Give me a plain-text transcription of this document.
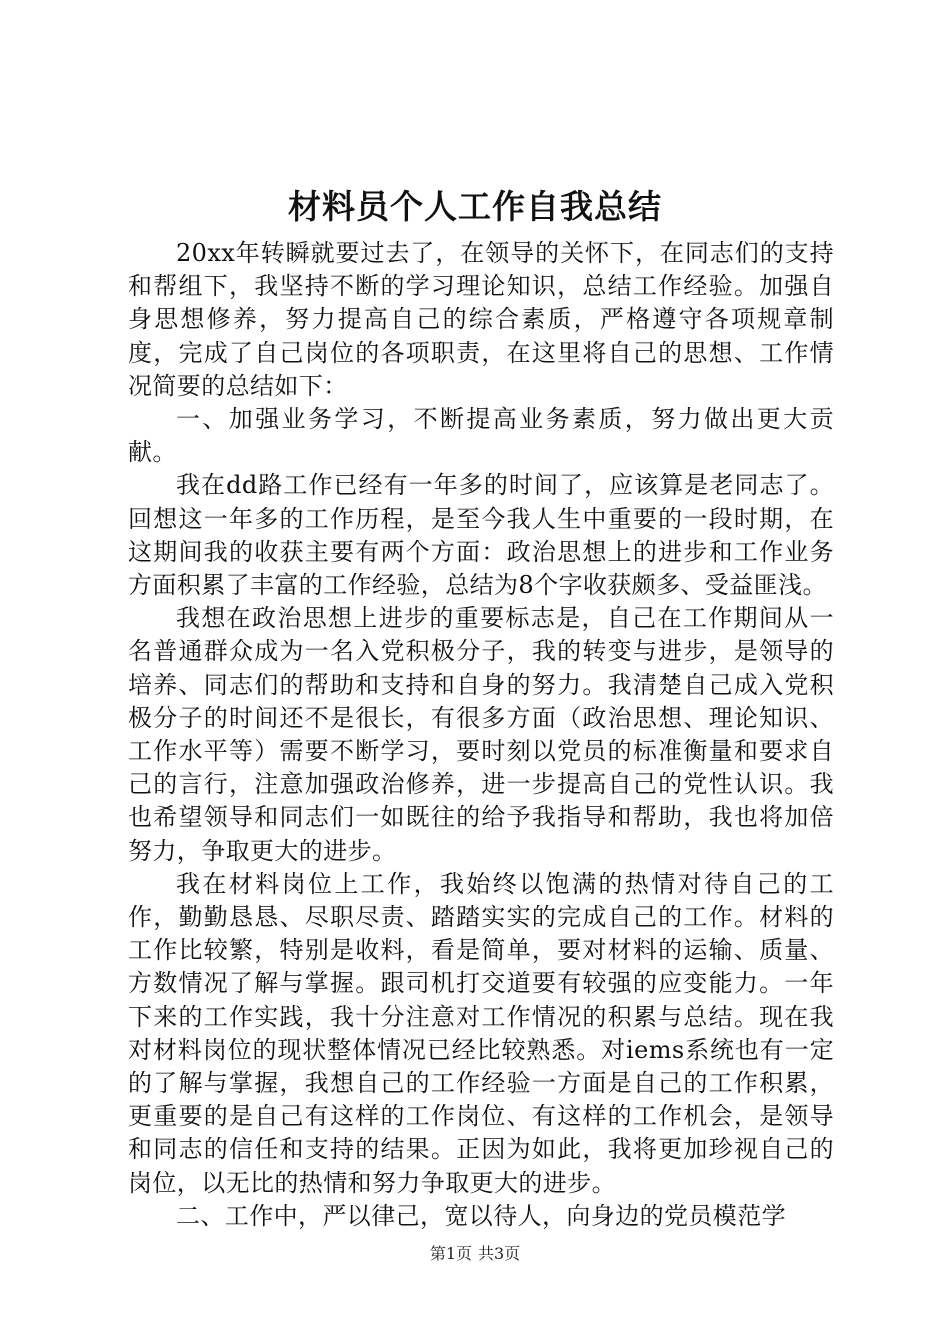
材料员个人工作自我总结

20xx年转瞬就要过去了，在领导的关怀下，在同志们的支持和帮组下，我坚持不断的学习理论知识，总结工作经验。加强自身思想修养，努力提高自己的综合素质，严格遵守各项规章制度，完成了自己岗位的各项职责，在这里将自己的思想、工作情况简要的总结如下：

一、加强业务学习，不断提高业务素质，努力做出更大贡献。

我在dd路工作已经有一年多的时间了，应该算是老同志了。回想这一年多的工作历程，是至今我人生中重要的一段时期，在这期间我的收获主要有两个方面：政治思想上的进步和工作业务方面积累了丰富的工作经验，总结为8个字收获颇多、受益匪浅。

我想在政治思想上进步的重要标志是，自己在工作期间从一名普通群众成为一名入党积极分子，我的转变与进步，是领导的培养、同志们的帮助和支持和自身的努力。我清楚自己成入党积极分子的时间还不是很长，有很多方面（政治思想、理论知识、工作水平等）需要不断学习，要时刻以党员的标准衡量和要求自己的言行，注意加强政治修养，进一步提高自己的党性认识。我也希望领导和同志们一如既往的给予我指导和帮助，我也将加倍努力，争取更大的进步。

我在材料岗位上工作，我始终以饱满的热情对待自己的工作，勤勤恳恳、尽职尽责、踏踏实实的完成自己的工作。材料的工作比较繁，特别是收料，看是简单，要对材料的运输、质量、方数情况了解与掌握。跟司机打交道要有较强的应变能力。一年下来的工作实践，我十分注意对工作情况的积累与总结。现在我对材料岗位的现状整体情况已经比较熟悉。对iems系统也有一定的了解与掌握，我想自己的工作经验一方面是自己的工作积累，更重要的是自己有这样的工作岗位、有这样的工作机会，是领导和同志的信任和支持的结果。正因为如此，我将更加珍视自己的岗位，以无比的热情和努力争取更大的进步。

二、工作中，严以律己，宽以待人，向身边的党员模范学

第1页 共3页
